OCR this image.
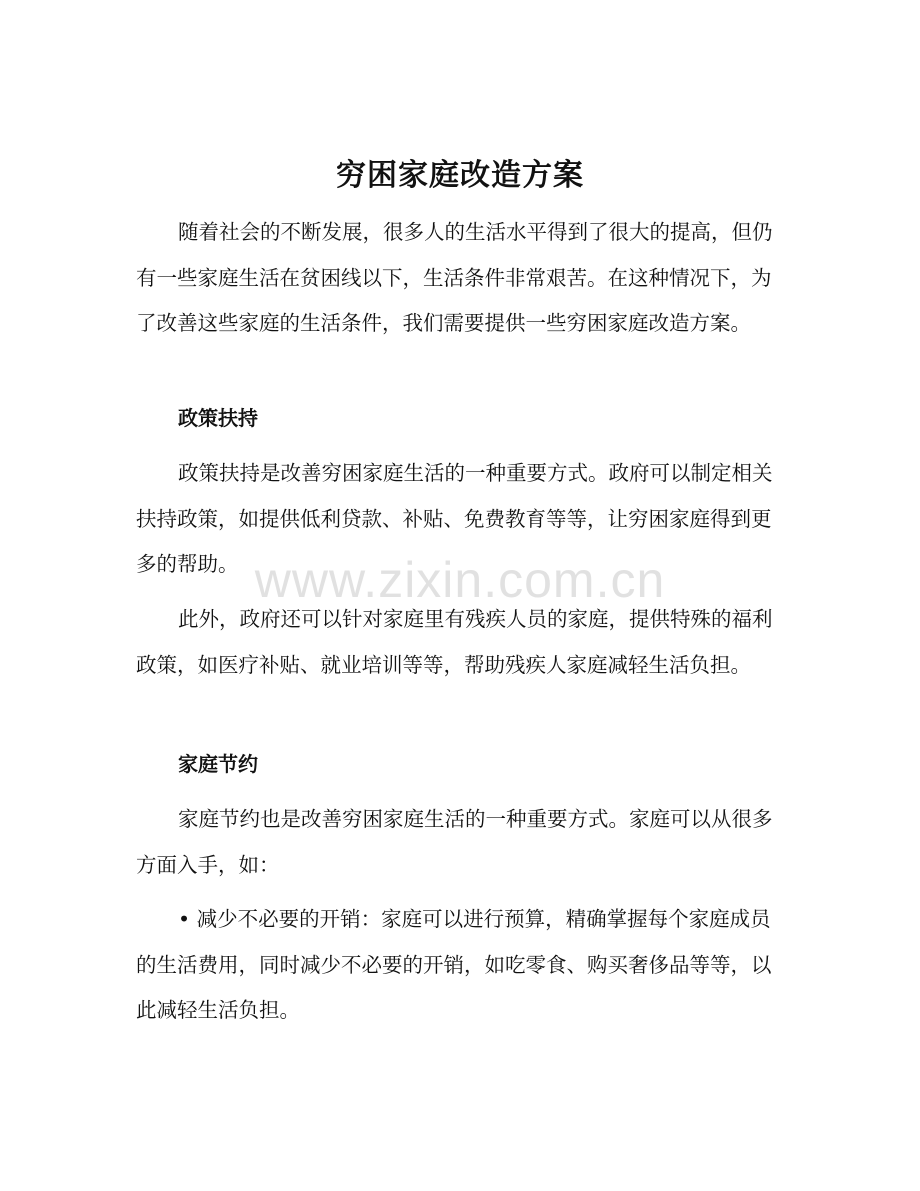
穷困家庭改造方案

随着社会的不断发展，很多人的生活水平得到了很大的提高，但仍有一些家庭生活在贫困线以下，生活条件非常艰苦。在这种情况下，为了改善这些家庭的生活条件，我们需要提供一些穷困家庭改造方案。

政策扶持

政策扶持是改善穷困家庭生活的一种重要方式。政府可以制定相关扶持政策，如提供低利贷款、补贴、免费教育等等，让穷困家庭得到更多的帮助。

此外，政府还可以针对家庭里有残疾人员的家庭，提供特殊的福利政策，如医疗补贴、就业培训等等，帮助残疾人家庭减轻生活负担。

家庭节约

家庭节约也是改善穷困家庭生活的一种重要方式。家庭可以从很多方面入手，如：

• 减少不必要的开销：家庭可以进行预算，精确掌握每个家庭成员的生活费用，同时减少不必要的开销，如吃零食、购买奢侈品等等，以此减轻生活负担。

www.zixin.com.cn
